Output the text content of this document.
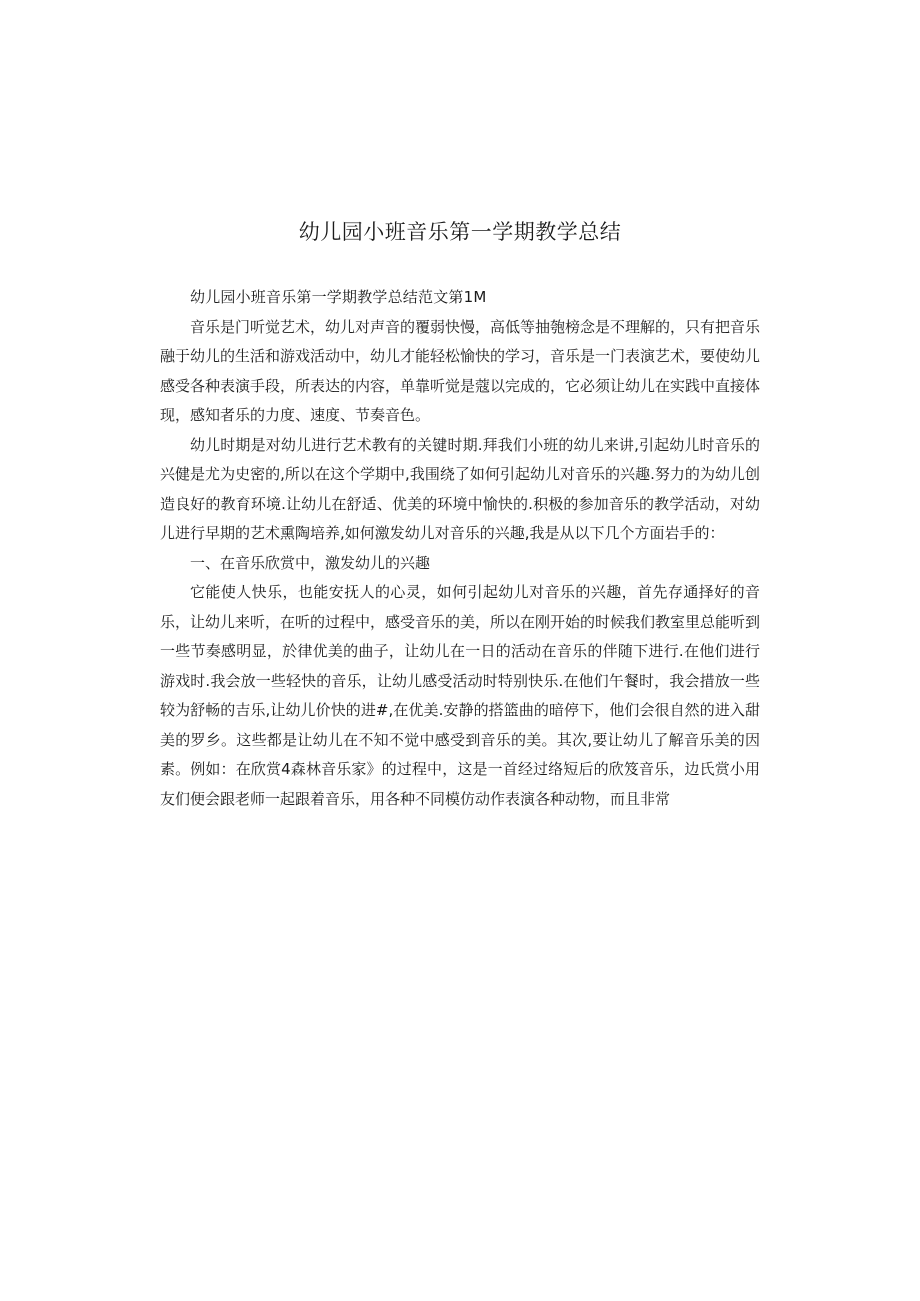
幼儿园小班音乐第一学期教学总结

幼儿园小班音乐第一学期教学总结范文第1M

音乐是门听觉艺术，幼儿对声音的覆弱快慢，高低等抽匏榜念是不理解的，只有把音乐融于幼儿的生活和游戏活动中，幼儿才能轻松愉快的学习，音乐是一门表演艺术，要使幼儿感受各种表演手段，所表达的内容，单靠听觉是蔻以完成的，它必须让幼儿在实践中直接体现，感知者乐的力度、速度、节奏音色。

幼儿时期是对幼儿进行艺术教有的关键时期.拜我们小班的幼儿来讲,引起幼儿时音乐的兴健是尤为史密的,所以在这个学期中,我围绕了如何引起幼儿对音乐的兴趣.努力的为幼儿创造良好的教育环境.让幼儿在舒适、优美的环境中愉快的.积极的参加音乐的教学活动，对幼儿进行早期的艺术熏陶培养,如何激发幼儿对音乐的兴趣,我是从以下几个方面岩手的：

一、在音乐欣赏中，激发幼儿的兴趣

它能使人快乐，也能安抚人的心灵，如何引起幼儿对音乐的兴趣，首先存通择好的音乐，让幼儿来听，在听的过程中，感受音乐的美，所以在刚开始的时候我们教室里总能听到一些节奏感明显，於律优美的曲子，让幼儿在一日的活动在音乐的伴随下进行.在他们进行游戏时.我会放一些轻快的音乐，让幼儿感受活动时特别快乐.在他们午餐时，我会措放一些较为舒畅的吉乐,让幼儿价快的进#,在优美.安静的搭篮曲的暗停下，他们会很自然的进入甜美的罗乡。这些都是让幼儿在不知不觉中感受到音乐的美。其次,要让幼儿了解音乐美的因素。例如：在欣赏4森林音乐家》的过程中，这是一首经过络短后的欣笈音乐，边氏赏小用友们便会跟老师一起跟着音乐，用各种不同模仿动作表演各种动物，而且非常
